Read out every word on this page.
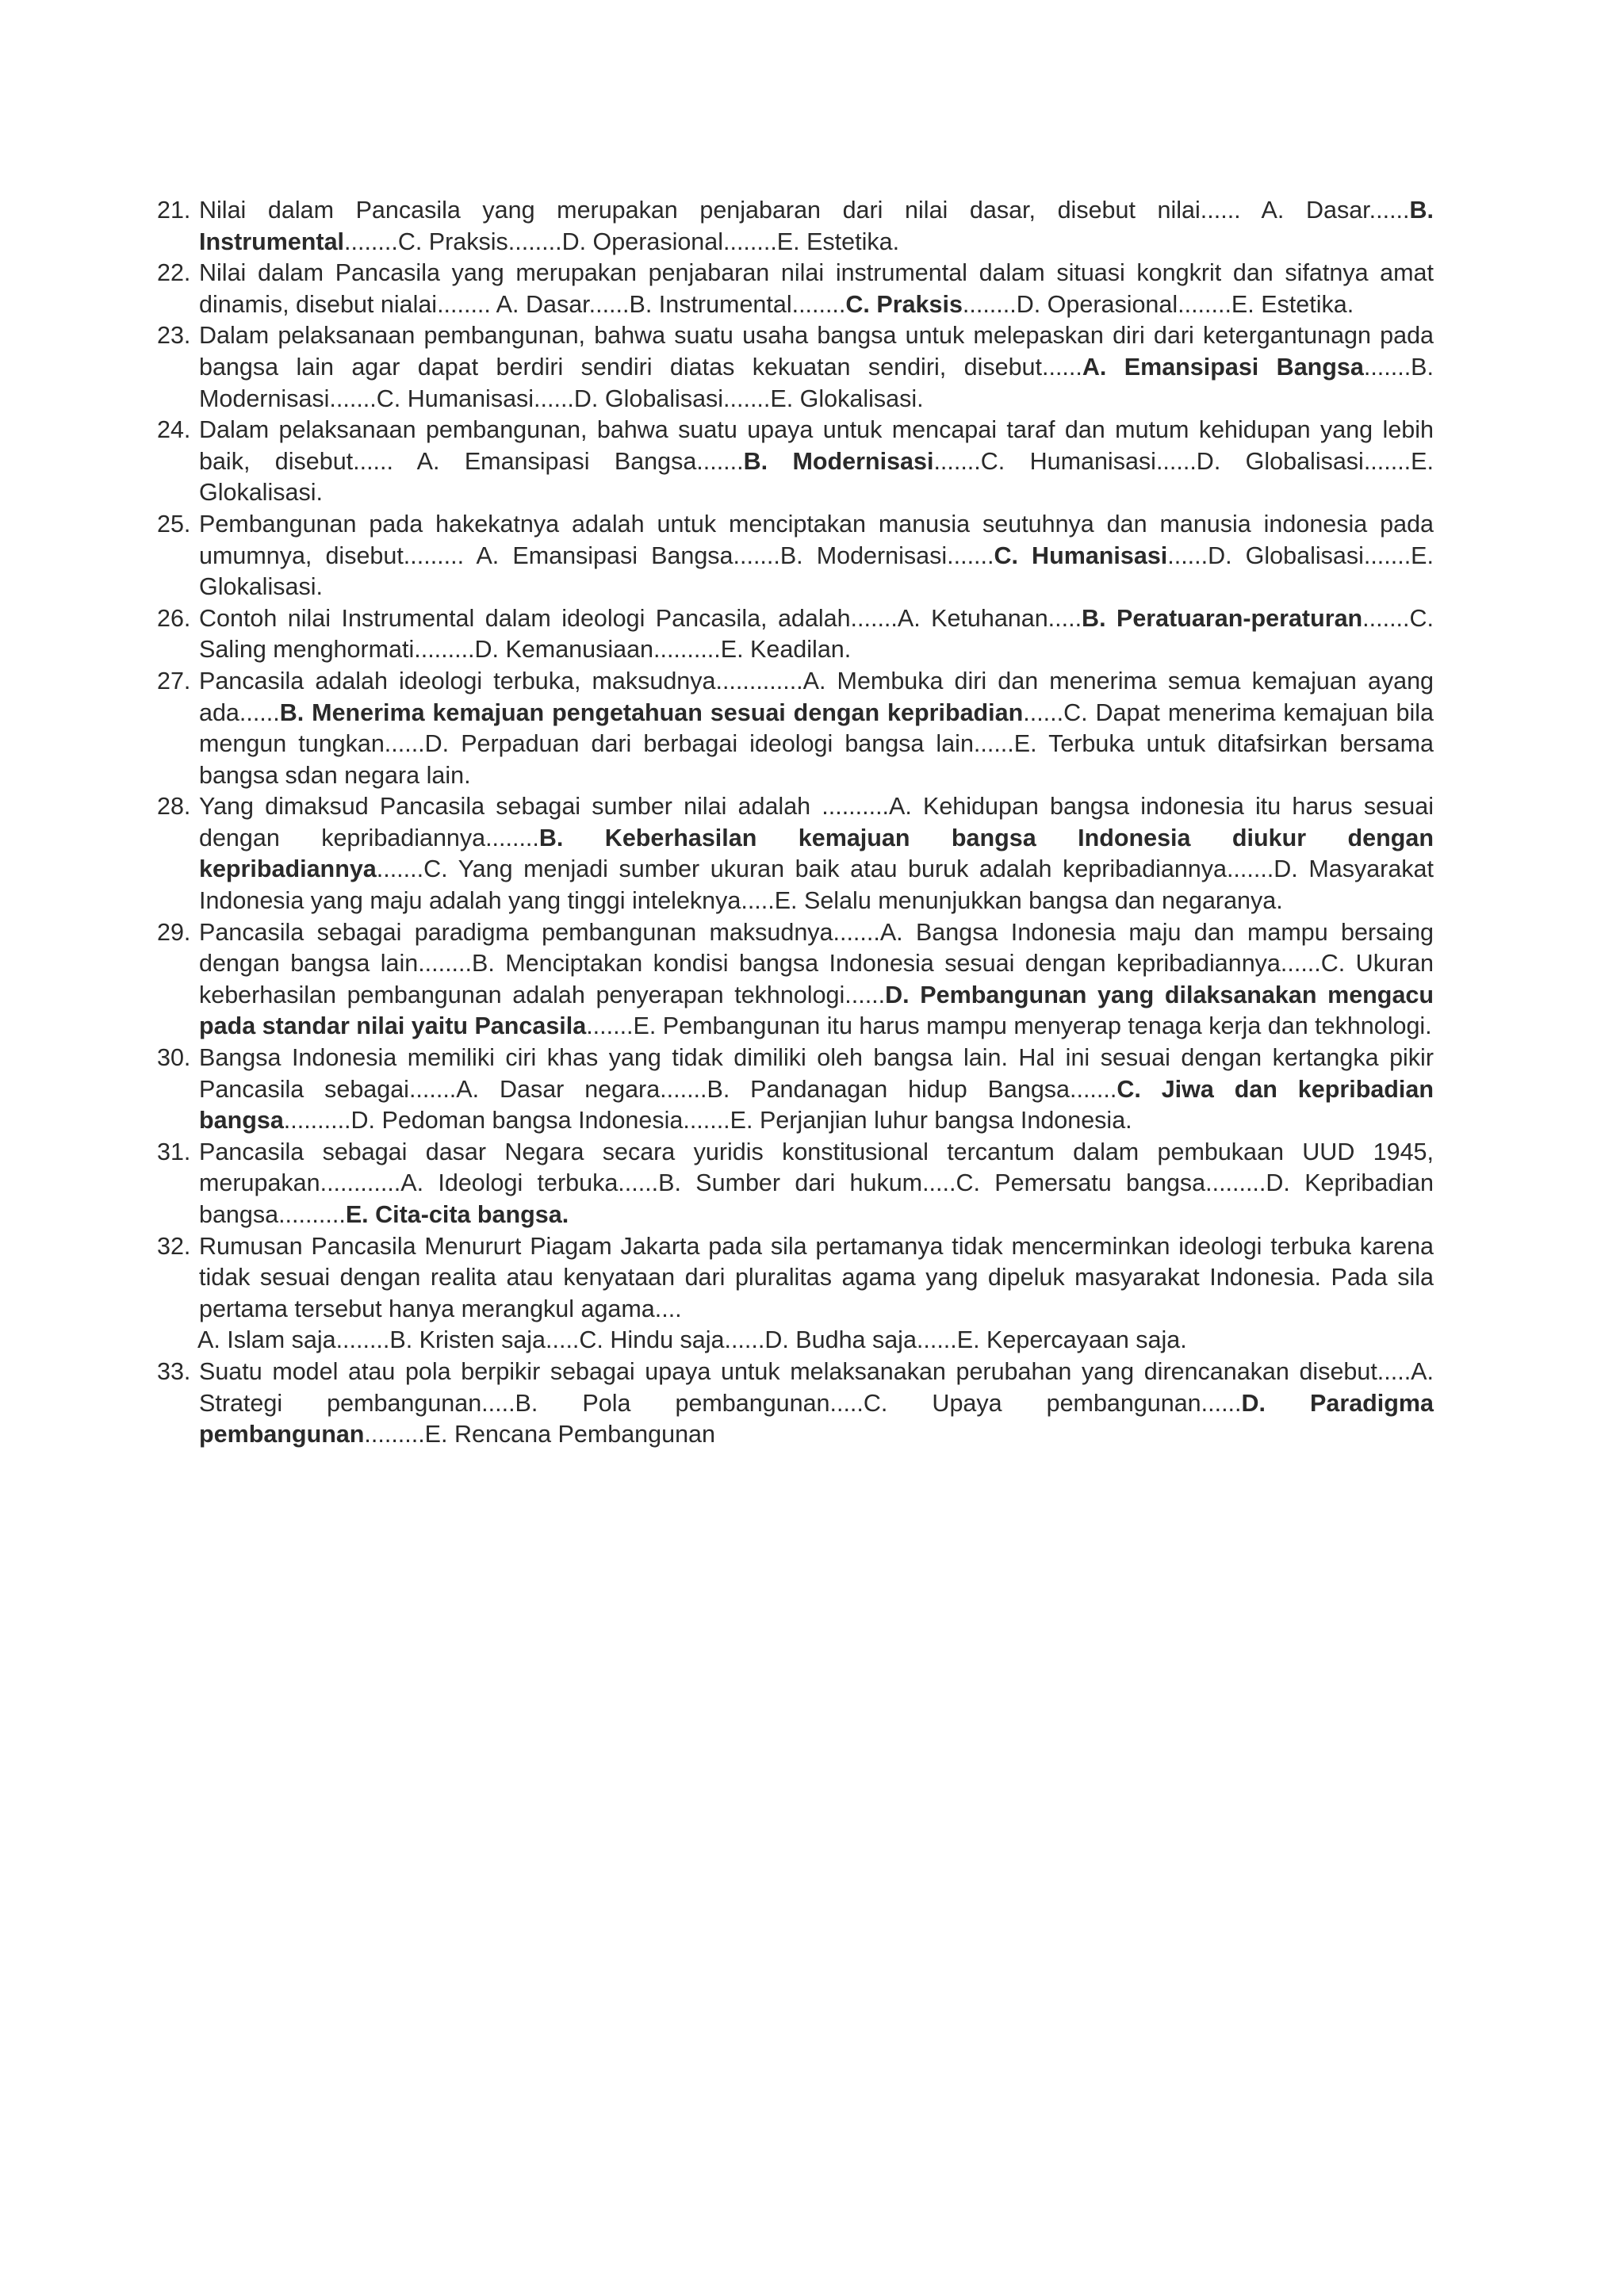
21. Nilai dalam Pancasila yang merupakan penjabaran dari nilai dasar, disebut nilai...... A. Dasar......B. Instrumental........C. Praksis........D. Operasional........E. Estetika.
22. Nilai dalam Pancasila yang merupakan penjabaran nilai instrumental dalam situasi kongkrit dan sifatnya amat dinamis, disebut nialai........ A. Dasar......B. Instrumental........C. Praksis........D. Operasional........E. Estetika.
23. Dalam pelaksanaan pembangunan, bahwa suatu usaha bangsa untuk melepaskan diri dari ketergantunagn pada bangsa lain agar dapat berdiri sendiri diatas kekuatan sendiri, disebut......A. Emansipasi Bangsa.......B. Modernisasi.......C. Humanisasi......D. Globalisasi.......E. Glokalisasi.
24. Dalam pelaksanaan pembangunan, bahwa suatu upaya untuk mencapai taraf dan mutum kehidupan yang lebih baik, disebut...... A. Emansipasi Bangsa.......B. Modernisasi.......C. Humanisasi......D. Globalisasi.......E. Glokalisasi.
25. Pembangunan pada hakekatnya adalah untuk menciptakan manusia seutuhnya dan manusia indonesia pada umumnya, disebut......... A. Emansipasi Bangsa.......B. Modernisasi.......C. Humanisasi......D. Globalisasi.......E. Glokalisasi.
26. Contoh nilai Instrumental dalam ideologi Pancasila, adalah.......A. Ketuhanan.....B. Peratuaran-peraturan.......C. Saling menghormati.........D. Kemanusiaan..........E. Keadilan.
27. Pancasila adalah ideologi terbuka, maksudnya.............A. Membuka diri dan menerima semua kemajuan ayang ada......B. Menerima kemajuan pengetahuan sesuai dengan kepribadian......C. Dapat menerima kemajuan bila mengun tungkan......D. Perpaduan dari berbagai ideologi bangsa lain......E. Terbuka untuk ditafsirkan bersama bangsa sdan negara lain.
28. Yang dimaksud Pancasila sebagai sumber nilai adalah ..........A. Kehidupan bangsa indonesia itu harus sesuai dengan kepribadiannya........B. Keberhasilan kemajuan bangsa Indonesia diukur dengan kepribadiannya.......C. Yang menjadi sumber ukuran baik atau buruk adalah kepribadiannya.......D. Masyarakat Indonesia yang maju adalah yang tinggi inteleknya.....E. Selalu menunjukkan bangsa dan negaranya.
29. Pancasila sebagai paradigma pembangunan maksudnya.......A. Bangsa Indonesia maju dan mampu bersaing dengan bangsa lain........B. Menciptakan kondisi bangsa Indonesia sesuai dengan kepribadiannya......C. Ukuran keberhasilan pembangunan adalah penyerapan tekhnologi......D. Pembangunan yang dilaksanakan mengacu pada standar nilai yaitu Pancasila.......E. Pembangunan itu harus mampu menyerap tenaga kerja dan tekhnologi.
30. Bangsa Indonesia memiliki ciri khas yang tidak dimiliki oleh bangsa lain. Hal ini sesuai dengan kertangka pikir Pancasila sebagai.......A. Dasar negara.......B. Pandanagan hidup Bangsa.......C. Jiwa dan kepribadian bangsa..........D. Pedoman bangsa Indonesia.......E. Perjanjian luhur bangsa Indonesia.
31. Pancasila sebagai dasar Negara secara yuridis konstitusional tercantum dalam pembukaan UUD 1945, merupakan............A. Ideologi terbuka......B. Sumber dari hukum.....C. Pemersatu bangsa.........D. Kepribadian bangsa..........E. Cita-cita bangsa.
32. Rumusan Pancasila Menururt Piagam Jakarta pada sila pertamanya tidak mencerminkan ideologi terbuka karena tidak sesuai dengan realita atau kenyataan dari pluralitas agama yang dipeluk masyarakat Indonesia. Pada sila pertama tersebut hanya merangkul agama....
A. Islam saja........B. Kristen saja.....C. Hindu saja......D. Budha saja......E. Kepercayaan saja.
33. Suatu model atau pola berpikir sebagai upaya untuk melaksanakan perubahan yang direncanakan disebut.....A. Strategi pembangunan.....B. Pola pembangunan.....C. Upaya pembangunan......D. Paradigma pembangunan.........E. Rencana Pembangunan
